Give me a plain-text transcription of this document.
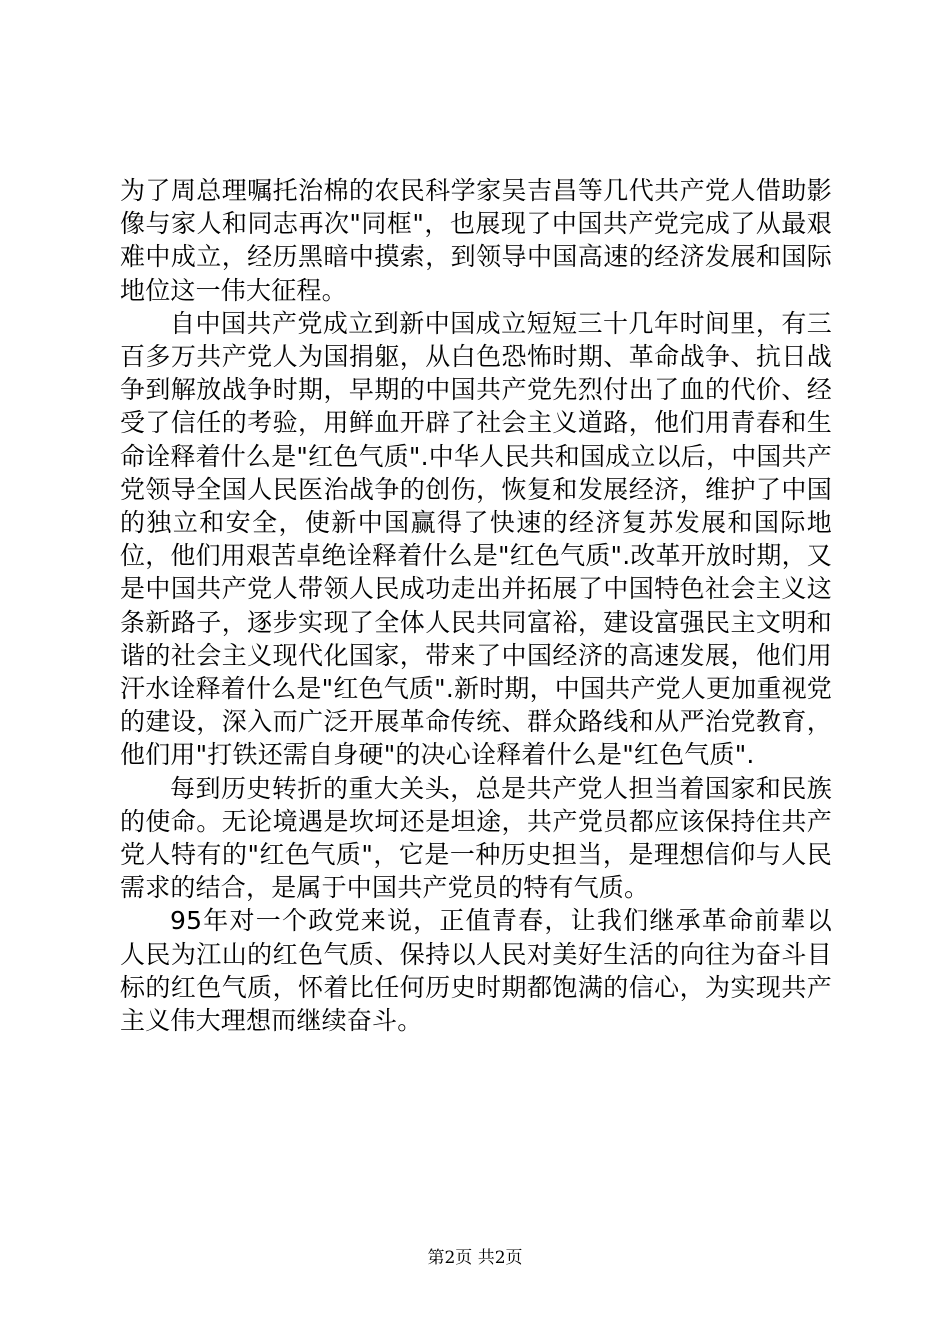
为了周总理嘱托治棉的农民科学家吴吉昌等几代共产党人借助影像与家人和同志再次"同框"，也展现了中国共产党完成了从最艰难中成立，经历黑暗中摸索，到领导中国高速的经济发展和国际地位这一伟大征程。

自中国共产党成立到新中国成立短短三十几年时间里，有三百多万共产党人为国捐躯，从白色恐怖时期、革命战争、抗日战争到解放战争时期，早期的中国共产党先烈付出了血的代价、经受了信任的考验，用鲜血开辟了社会主义道路，他们用青春和生命诠释着什么是"红色气质".中华人民共和国成立以后，中国共产党领导全国人民医治战争的创伤，恢复和发展经济，维护了中国的独立和安全，使新中国赢得了快速的经济复苏发展和国际地位，他们用艰苦卓绝诠释着什么是"红色气质".改革开放时期，又是中国共产党人带领人民成功走出并拓展了中国特色社会主义这条新路子，逐步实现了全体人民共同富裕，建设富强民主文明和谐的社会主义现代化国家，带来了中国经济的高速发展，他们用汗水诠释着什么是"红色气质".新时期，中国共产党人更加重视党的建设，深入而广泛开展革命传统、群众路线和从严治党教育，他们用"打铁还需自身硬"的决心诠释着什么是"红色气质".

每到历史转折的重大关头，总是共产党人担当着国家和民族的使命。无论境遇是坎坷还是坦途，共产党员都应该保持住共产党人特有的"红色气质"，它是一种历史担当，是理想信仰与人民需求的结合，是属于中国共产党员的特有气质。

95年对一个政党来说，正值青春，让我们继承革命前辈以人民为江山的红色气质、保持以人民对美好生活的向往为奋斗目标的红色气质，怀着比任何历史时期都饱满的信心，为实现共产主义伟大理想而继续奋斗。

第2页 共2页
